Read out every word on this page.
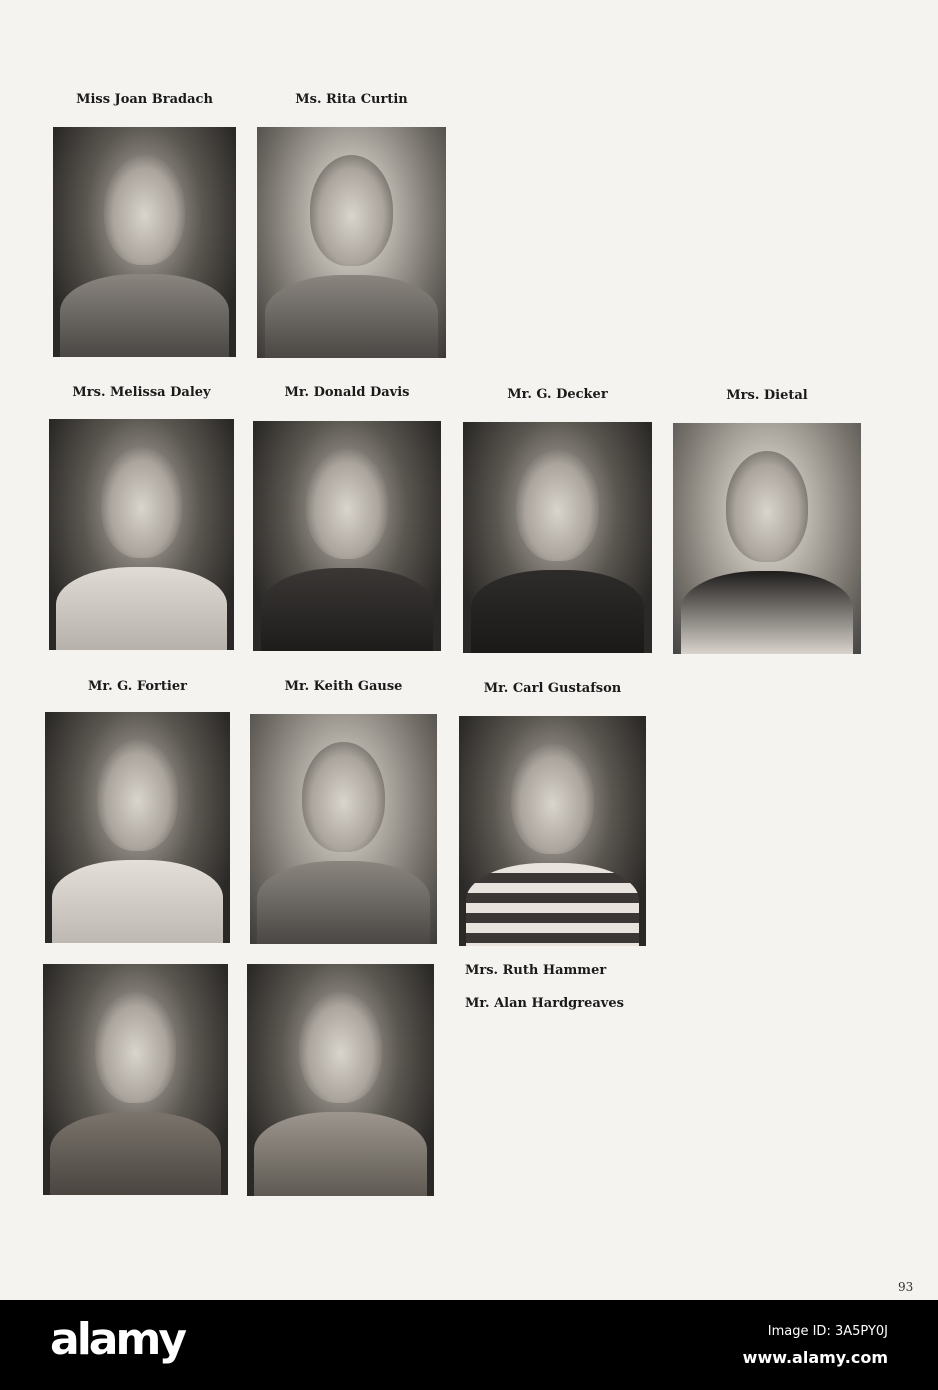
Miss Joan Bradach	Ms. Rita Curtin
Mrs. Melissa Daley	Mr. Donald Davis	Mr. G. Decker	Mrs. Dietal
Mr. G. Fortier	Mr. Keith Gause	Mr. Carl Gustafson
Mrs. Ruth Hammer
Mr. Alan Hardgreaves
93
alamy	Image ID: 3A5PY0J
www.alamy.com
